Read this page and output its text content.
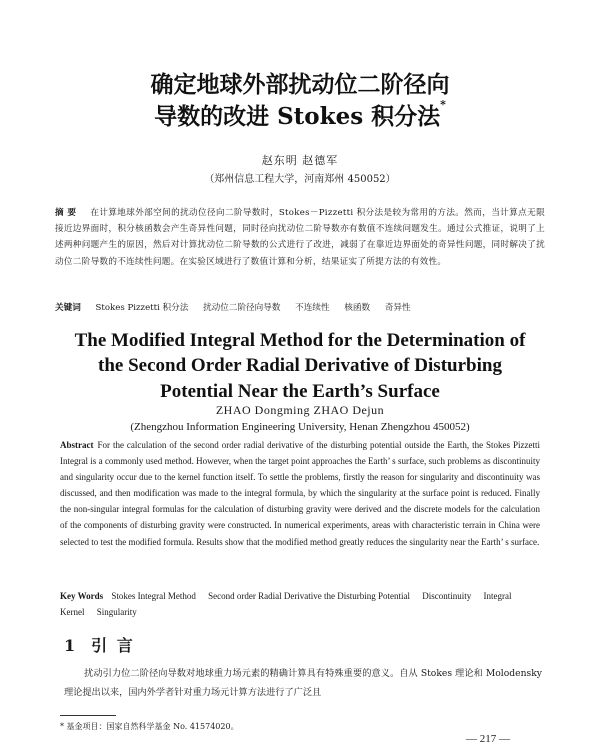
确定地球外部扰动位二阶径向
导数的改进 Stokes 积分法*
赵东明 赵德军
（郑州信息工程大学，河南郑州 450052）
摘 要 在计算地球外部空间的扰动位径向二阶导数时，Stokes－Pizzetti 积分法是较为常用的方法。然而，当计算点无限接近边界面时，积分核函数会产生奇异性问题，同时径向扰动位二阶导数亦有数值不连续问题发生。通过公式推证，说明了上述两种问题产生的原因，然后对计算扰动位二阶导数的公式进行了改进，减弱了在靠近边界面处的奇异性问题，同时解决了扰动位二阶导数的不连续性问题。在实验区域进行了数值计算和分析，结果证实了所提方法的有效性。
关键词 Stokes Pizzetti 积分法 扰动位二阶径向导数 不连续性 核函数 奇异性
The Modified Integral Method for the Determination of
the Second Order Radial Derivative of Disturbing
Potential Near the Earth’s Surface
ZHAO Dongming ZHAO Dejun
(Zhengzhou Information Engineering University, Henan Zhengzhou 450052)
Abstract For the calculation of the second order radial derivative of the disturbing potential outside the Earth, the Stokes Pizzetti Integral is a commonly used method. However, when the target point approaches the Earth’ s surface, such problems as discontinuity and singularity occur due to the kernel function itself. To settle the problems, firstly the reason for singularity and discontinuity was discussed, and then modification was made to the integral formula, by which the singularity at the surface point is reduced. Finally the non-singular integral formulas for the calculation of disturbing gravity were derived and the discrete models for the calculation of the components of disturbing gravity were constructed. In numerical experiments, areas with characteristic terrain in China were selected to test the modified formula. Results show that the modified method greatly reduces the singularity near the Earth’ s surface.
Key Words Stokes Integral Method Second order Radial Derivative the Disturbing Potential Discontinuity Integral Kernel Singularity
1 引 言
扰动引力位二阶径向导数对地球重力场元素的精确计算具有特殊重要的意义。自从 Stokes 理论和 Molodensky 理论提出以来，国内外学者针对重力场元计算方法进行了广泛且
* 基金项目：国家自然科学基金 No. 41574020。
— 217 —
